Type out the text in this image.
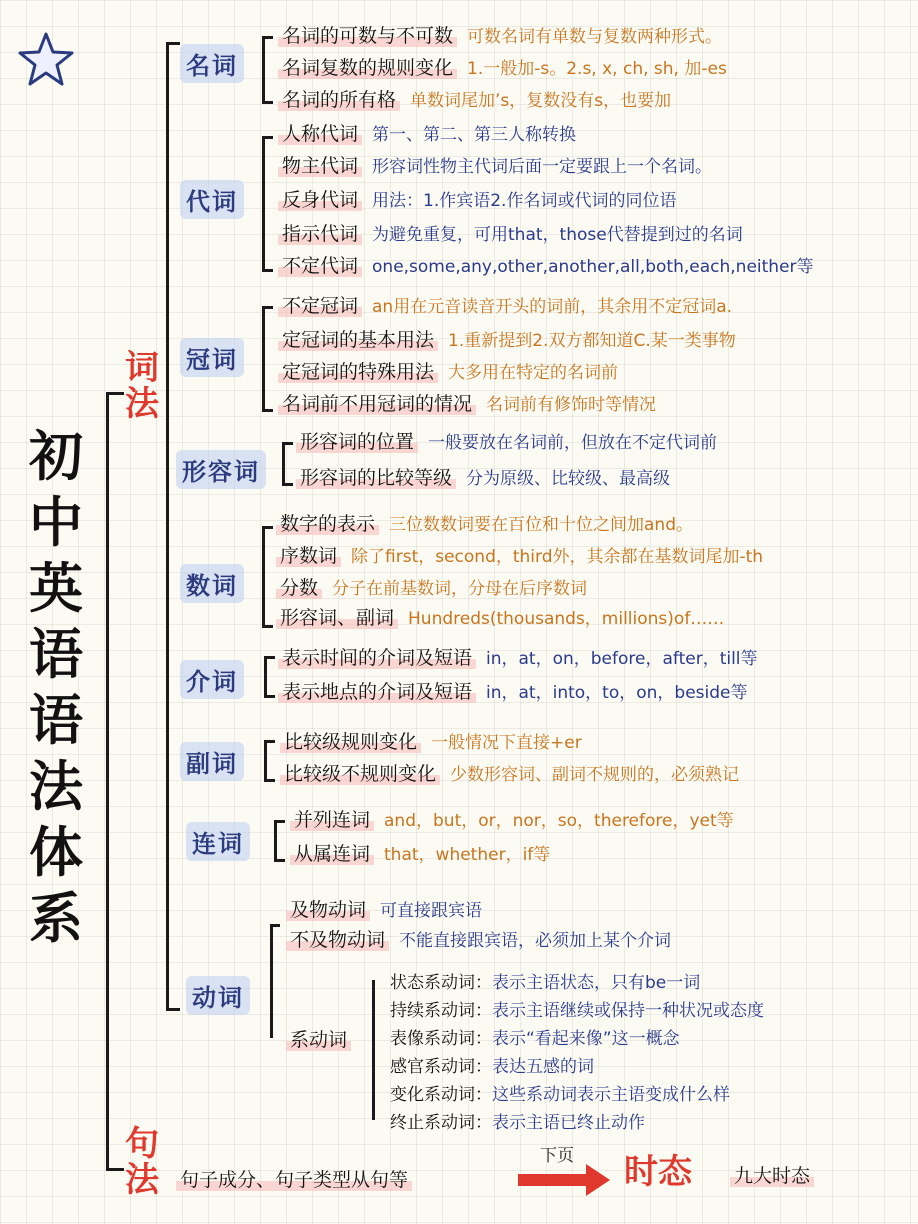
初
中
英
语
语
法
体
系
词
法
句
法
名词
名词的可数与不可数 可数名词有单数与复数两种形式。
名词复数的规则变化 1.一般加-s。2.s, x, ch, sh, 加-es
名词的所有格 单数词尾加’s，复数没有s，也要加
代词
人称代词 第一、第二、第三人称转换
物主代词 形容词性物主代词后面一定要跟上一个名词。
反身代词 用法：1.作宾语2.作名词或代词的同位语
指示代词 为避免重复，可用that，those代替提到过的名词
不定代词 one,some,any,other,another,all,both,each,neither等
冠词
不定冠词 an用在元音读音开头的词前，其余用不定冠词a.
定冠词的基本用法 1.重新提到2.双方都知道C.某一类事物
定冠词的特殊用法 大多用在特定的名词前
名词前不用冠词的情况 名词前有修饰时等情况
形容词
形容词的位置 一般要放在名词前，但放在不定代词前
形容词的比较等级 分为原级、比较级、最高级
数词
数字的表示 三位数数词要在百位和十位之间加and。
序数词 除了first，second，third外，其余都在基数词尾加-th
分数 分子在前基数词，分母在后序数词
形容词、副词 Hundreds(thousands，millions)of……
介词
表示时间的介词及短语 in，at，on，before，after，till等
表示地点的介词及短语 in，at，into，to，on，beside等
副词
比较级规则变化 一般情况下直接+er
比较级不规则变化 少数形容词、副词不规则的，必须熟记
连词
并列连词 and，but，or，nor，so，therefore，yet等
从属连词 that，whether，if等
动词
及物动词 可直接跟宾语
不及物动词 不能直接跟宾语，必须加上某个介词
系动词
状态系动词：表示主语状态，只有be一词
持续系动词：表示主语继续或保持一种状况或态度
表像系动词：表示“看起来像”这一概念
感官系动词：表达五感的词
变化系动词：这些系动词表示主语变成什么样
终止系动词：表示主语已终止动作
句子成分、句子类型从句等
下页 时态 九大时态
